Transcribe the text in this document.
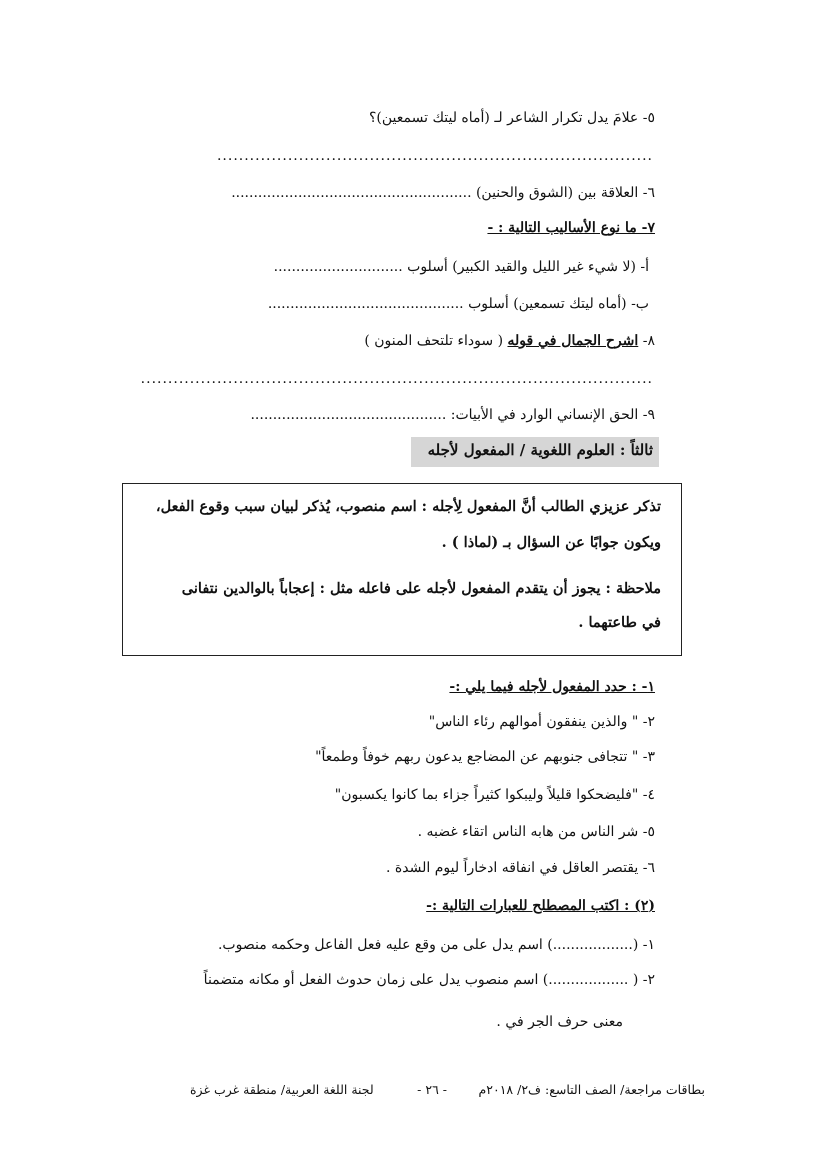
٥- علامَ يدل تكرار الشاعر لـ (أماه ليتك تسمعين)؟
................................................................................
٦- العلاقة بين (الشوق والحنين) ......................................................
٧- ما نوع الأساليب التالية : -
أ- (لا شيء غير الليل والقيد الكبير) أسلوب .............................
ب- (أماه ليتك تسمعين) أسلوب ............................................
٨- اشرح الجمال في قوله ( سوداء تلتحف المنون )
..............................................................................................
٩- الحق الإنساني الوارد في الأبيات: ............................................
ثالثاً : العلوم اللغوية / المفعول لأجله
تذكر عزيزي الطالب أنَّ المفعول لِأجله : اسم منصوب، يُذكر لبيان سبب وقوع الفعل،
ويكون جوابًا عن السؤال بـ (لماذا ) .
ملاحظة : يجوز أن يتقدم المفعول لأجله على فاعله مثل : إعجاباً بالوالدين نتفانى
في طاعتهما .
١- : حدد المفعول لأجله فيما يلي :-
٢- " والذين ينفقون أموالهم رئاء الناس"
٣- " تتجافى جنوبهم عن المضاجع يدعون ربهم خوفاً وطمعاً"
٤- "فليضحكوا قليلاً وليبكوا كثيراً جزاء بما كانوا يكسبون"
٥- شر الناس من هابه الناس اتقاء غضبه .
٦- يقتصر العاقل في انفاقه ادخاراً ليوم الشدة .
(٢) : اكتب المصطلح للعبارات التالية :-
١- (..................) اسم يدل على من وقع عليه فعل الفاعل وحكمه منصوب.
٢- ( ..................) اسم منصوب يدل على زمان حدوث الفعل أو مكانه متضمناً
معنى حرف الجر في .
بطاقات مراجعة/ الصف التاسع: ف٢/ ٢٠١٨م
- ٢٦ -
لجنة اللغة العربية/ منطقة غرب غزة
